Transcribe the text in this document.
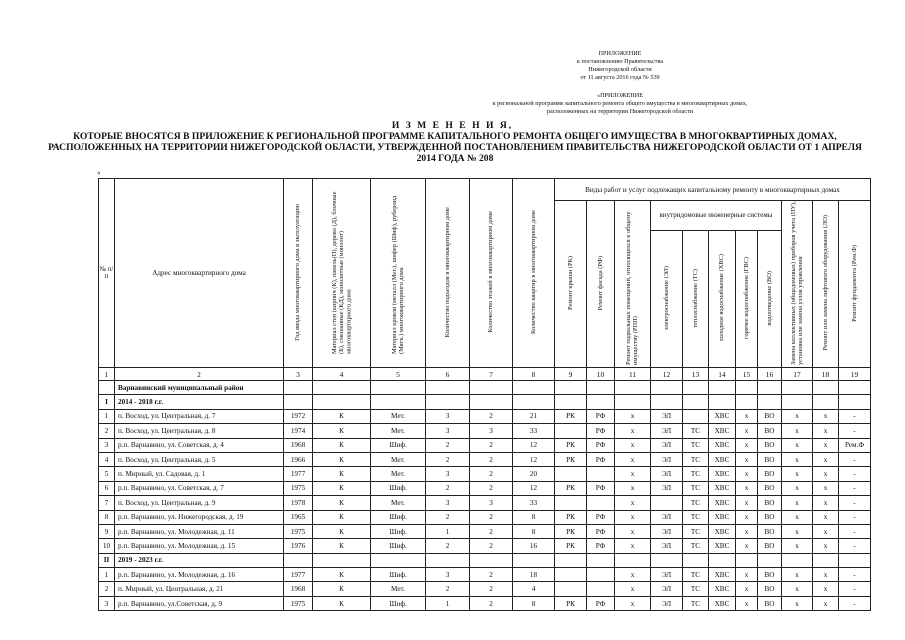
ПРИЛОЖЕНИЕ
к постановлению Правительства
Нижегородской области
от 11 августа 2016 года № 539
«ПРИЛОЖЕНИЕ
к региональной программе капитального ремонта общего имущества в многоквартирных домах,
расположенных на территории Нижегородской области
И З М Е Н Е Н И Я,
КОТОРЫЕ ВНОСЯТСЯ В ПРИЛОЖЕНИЕ К РЕГИОНАЛЬНОЙ ПРОГРАММЕ КАПИТАЛЬНОГО РЕМОНТА ОБЩЕГО ИМУЩЕСТВА В МНОГОКВАРТИРНЫХ ДОМАХ, РАСПОЛОЖЕННЫХ НА ТЕРРИТОРИИ НИЖЕГОРОДСКОЙ ОБЛАСТИ, УТВЕРЖДЕННОЙ ПОСТАНОВЛЕНИЕМ ПРАВИТЕЛЬСТВА НИЖЕГОРОДСКОЙ ОБЛАСТИ ОТ 1 АПРЕЛЯ 2014 ГОДА № 208
«
№ п/п	Адрес многоквартирного дома	Год ввода многоквартирного дома в эксплуатацию	Материал стен (кирпич (К), панель(П), дерево (Д), блочные (Б), смешанные (КД), монолитные (монолит) многоквартирного дома	Материал кровли (металл (Мет.), шифер (Шиф), рубероид (Мягк.) многоквартирного дома	Количество подъездов в многоквартирном доме	Количество этажей в многоквартирном доме	Количество квартир в многоквартирном доме	Виды работ и услуг подлежащих капитальному ремонту в многоквартирных домах										
								Ремонт крыши (РК)	Ремонт фасада (РФ)	Ремонт подвальных помещений, относящихся к общему имуществу (РПП)	внутридомовые инженерные системы					Замена коллективных (общедомовых) приборов учета (ПУ), установка или замена узлов управления	Ремонт или замена лифтового оборудования (ЛО)	Ремонт фундамента (Рем.Ф)
											электроснабжение (ЭЛ)	теплоснабжение (ТС)	холодное водоснабжение (ХВС)	горячее водоснабжение (ГВС)	водоотведение (ВО)			
1	2	3	4	5	6	7	8	9	10	11	12	13	14	15	16	17	18	19
	Варнавинский муниципальный район																	
I	2014 - 2018 г.г.																	
1	п. Восход, ул. Центральная, д. 7	1972	К	Мет.	3	2	21	РК	РФ	х	ЭЛ		ХВС	х	ВО	х	х	-
2	п. Восход, ул. Центральная, д. 8	1974	К	Мет.	3	3	33		РФ	х	ЭЛ	ТС	ХВС	х	ВО	х	х	-
3	р.п. Варнавино, ул. Советская, д. 4	1968	К	Шиф.	2	2	12	РК	РФ	х	ЭЛ	ТС	ХВС	х	ВО	х	х	Рем.Ф
4	п. Восход, ул. Центральная, д. 5	1966	К	Мет.	2	2	12	РК	РФ	х	ЭЛ	ТС	ХВС	х	ВО	х	х	-
5	п. Мирный, ул. Садовая, д. 1	1977	К	Мет.	3	2	20			х	ЭЛ	ТС	ХВС	х	ВО	х	х	-
6	р.п. Варнавино, ул. Советская, д. 7	1975	К	Шиф.	2	2	12	РК	РФ	х	ЭЛ	ТС	ХВС	х	ВО	х	х	-
7	п. Восход, ул. Центральная, д. 9	1978	К	Мет.	3	3	33			х		ТС	ХВС	х	ВО	х	х	-
8	р.п. Варнавино, ул. Нижегородская, д. 19	1965	К	Шиф.	2	2	8	РК	РФ	х	ЭЛ	ТС	ХВС	х	ВО	х	х	-
9	р.п. Варнавино, ул. Молодежная, д. 11	1975	К	Шиф.	1	2	8	РК	РФ	х	ЭЛ	ТС	ХВС	х	ВО	х	х	-
10	р.п. Варнавино, ул. Молодежная, д. 15	1976	К	Шиф.	2	2	16	РК	РФ	х	ЭЛ	ТС	ХВС	х	ВО	х	х	-
II	2019 - 2023 г.г.																	
1	р.п. Варнавино, ул. Молодежная, д. 16	1977	К	Шиф.	3	2	18			х	ЭЛ	ТС	ХВС	х	ВО	х	х	-
2	п. Мирный, ул. Центральная, д. 21	1968	К	Мет.	2	2	4			х	ЭЛ	ТС	ХВС	х	ВО	х	х	-
3	р.п. Варнавино, ул.Советская, д. 9	1975	К	Шиф.	1	2	8	РК	РФ	х	ЭЛ	ТС	ХВС	х	ВО	х	х	-
